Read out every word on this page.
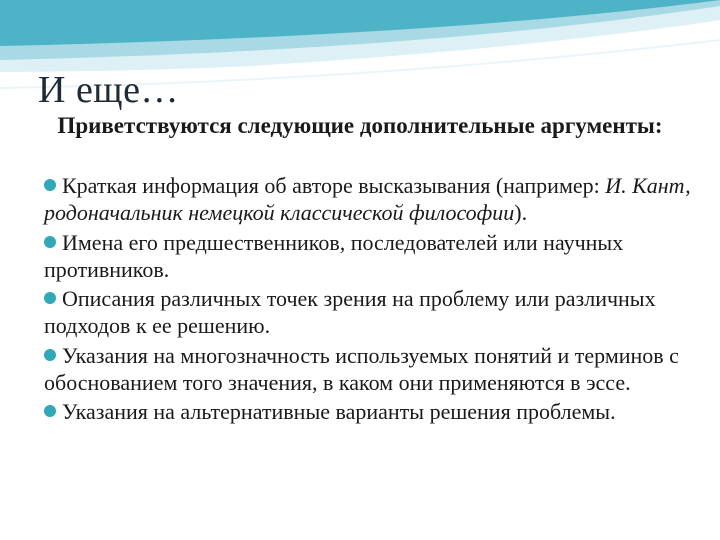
И еще…
Приветствуются следующие дополнительные аргументы:
Краткая информация об авторе высказывания (например: И. Кант, родоначальник немецкой классической философии).
Имена его предшественников, последователей или научных противников.
Описания различных точек зрения на проблему или различных подходов к ее решению.
Указания на многозначность используемых понятий и терминов с обоснованием того значения, в каком они применяются в эссе.
Указания на альтернативные варианты решения проблемы.
